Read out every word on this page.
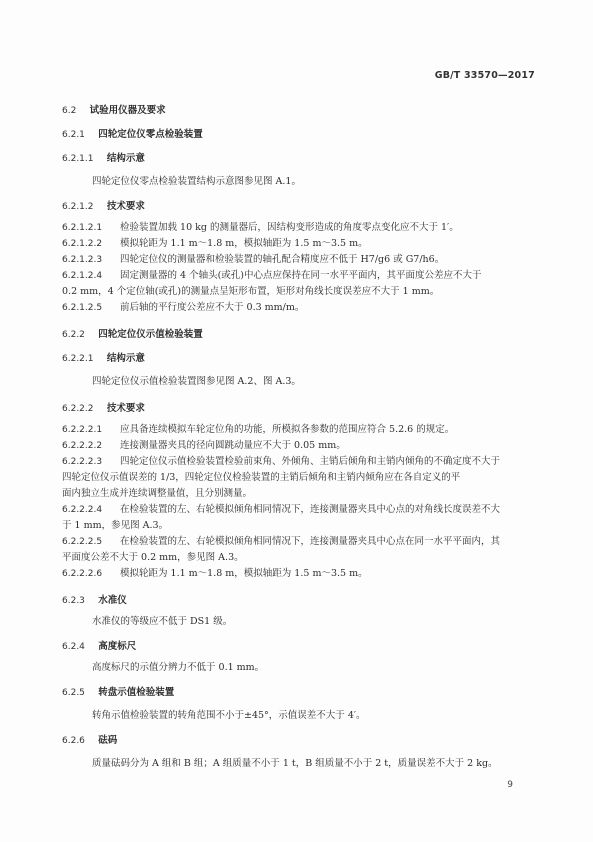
GB/T 33570—2017
6.2 试验用仪器及要求
6.2.1 四轮定位仪零点检验装置
6.2.1.1 结构示意
四轮定位仪零点检验装置结构示意图参见图 A.1。
6.2.1.2 技术要求
6.2.1.2.1 检验装置加载 10 kg 的测量器后，因结构变形造成的角度零点变化应不大于 1′。
6.2.1.2.2 模拟轮距为 1.1 m～1.8 m，模拟轴距为 1.5 m～3.5 m。
6.2.1.2.3 四轮定位仪的测量器和检验装置的轴孔配合精度应不低于 H7/g6 或 G7/h6。
6.2.1.2.4 固定测量器的 4 个轴头(或孔)中心点应保持在同一水平平面内，其平面度公差应不大于
0.2 mm，4 个定位轴(或孔)的测量点呈矩形布置，矩形对角线长度误差应不大于 1 mm。
6.2.1.2.5 前后轴的平行度公差应不大于 0.3 mm/m。
6.2.2 四轮定位仪示值检验装置
6.2.2.1 结构示意
四轮定位仪示值检验装置图参见图 A.2、图 A.3。
6.2.2.2 技术要求
6.2.2.2.1 应具备连续模拟车轮定位角的功能，所模拟各参数的范围应符合 5.2.6 的规定。
6.2.2.2.2 连接测量器夹具的径向圆跳动量应不大于 0.05 mm。
6.2.2.2.3 四轮定位仪示值检验装置检验前束角、外倾角、主销后倾角和主销内倾角的不确定度不大于
四轮定位仪示值误差的 1/3，四轮定位仪检验装置的主销后倾角和主销内倾角应在各自定义的平
面内独立生成并连续调整量值，且分别测量。
6.2.2.2.4 在检验装置的左、右轮模拟倾角相同情况下，连接测量器夹具中心点的对角线长度误差不大
于 1 mm，参见图 A.3。
6.2.2.2.5 在检验装置的左、右轮模拟倾角相同情况下，连接测量器夹具中心点在同一水平平面内，其
平面度公差不大于 0.2 mm，参见图 A.3。
6.2.2.2.6 模拟轮距为 1.1 m～1.8 m，模拟轴距为 1.5 m～3.5 m。
6.2.3 水准仪
水准仪的等级应不低于 DS1 级。
6.2.4 高度标尺
高度标尺的示值分辨力不低于 0.1 mm。
6.2.5 转盘示值检验装置
转角示值检验装置的转角范围不小于±45°，示值误差不大于 4′。
6.2.6 砝码
质量砝码分为 A 组和 B 组；A 组质量不小于 1 t，B 组质量不小于 2 t，质量误差不大于 2 kg。
9
